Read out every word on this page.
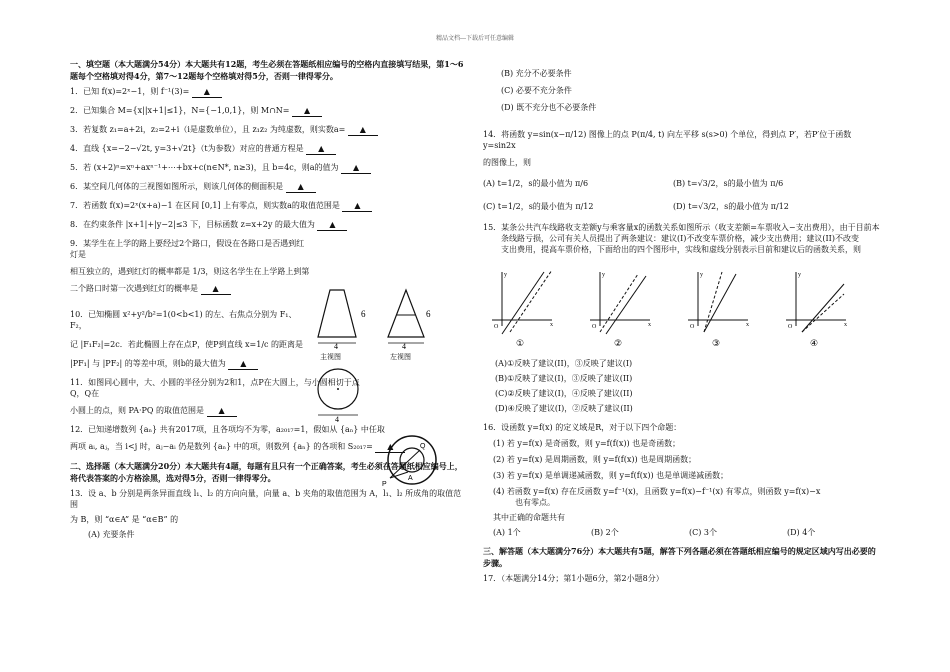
精品文档---下载后可任意编辑
一、填空题（本大题满分54分）本大题共有12题，考生必须在答题纸相应编号的空格内直接填写结果，第1～6题每个空格填对得4分，第7～12题每个空格填对得5分，否则一律得零分。
1．已知 f(x)=2ˣ−1，则 f⁻¹(3)= ▲
2．已知集合 M={x||x+1|≤1}，N={−1,0,1}，则 M∩N= ▲
3．若复数 z₁=a+2i，z₂=2+i（i是虚数单位），且 z₁z₂ 为纯虚数，则实数a= ▲
4．直线 {x=−2−√2t, y=3+√2t}（t为参数）对应的普通方程是 ▲
5．若 (x+2)ⁿ=xⁿ+axⁿ⁻¹+⋯+bx+c(n∈N*, n≥3)，且 b=4c，则a的值为 ▲
6．某空间几何体的三视图如图所示，则该几何体的侧面积是 ▲
7．若函数 f(x)=2ˣ(x+a)−1 在区间 [0,1] 上有零点，则实数a的取值范围是 ▲
8．在约束条件 |x+1|+|y−2|≤3 下，目标函数 z=x+2y 的最大值为 ▲
9．某学生在上学的路上要经过2个路口，假设在各路口是否遇到红灯是
相互独立的，遇到红灯的概率都是 1/3，则这名学生在上学路上到第
二个路口时第一次遇到红灯的概率是 ▲
10．已知椭圆 x²+y²/b²=1(0<b<1) 的左、右焦点分别为 F₁、F₂，
记 |F₁F₂|=2c．若此椭圆上存在点P，使P到直线 x=1/c 的距离是
|PF₁| 与 |PF₂| 的等差中项，则b的最大值为 ▲
11．如图同心圆中，大、小圆的半径分别为2和1，点P在大圆上，与小圆相切于点Q，Q在
小圆上的点，则 PA·PQ 的取值范围是 ▲
12．已知递增数列 {aₙ} 共有2017项，且各项均不为零，a₂₀₁₇=1，假如从 {aₙ} 中任取
两项 aᵢ, aⱼ，当 i<j 时，aⱼ−aᵢ 仍是数列 {aₙ} 中的项，则数列 {aₙ} 的各项和 S₂₀₁₇= ▲
二、选择题（本大题满分20分）本大题共有4题，每题有且只有一个正确答案，考生必须在答题纸相应编号上，将代表答案的小方格涂黑，选对得5分，否则一律得零分。
13．设 a、b 分别是两条异面直线 l₁、l₂ 的方向向量，向量 a、b 夹角的取值范围为 A，l₁、l₂ 所成角的取值范围
为 B，则 “α∈A” 是 “α∈B” 的
(A) 充要条件
6
4
主视图
6
4
左视图
4
P
Q
A
(B) 充分不必要条件
(C) 必要不充分条件
(D) 既不充分也不必要条件
14．将函数 y=sin(x−π/12) 图像上的点 P(π/4, t) 向左平移 s(s>0) 个单位，得到点 P′，若P′位于函数 y=sin2x
的图像上，则
(A) t=1/2，s的最小值为 π/6	(B) t=√3/2，s的最小值为 π/6
(C) t=1/2，s的最小值为 π/12	(D) t=√3/2，s的最小值为 π/12
15．某条公共汽车线路收支差额y与乘客量x的函数关系如图所示（收支差额=车票收入−支出费用），由于目前本
条线路亏损，公司有关人员提出了两条建议：建议(I)不改变车票价格，减少支出费用；建议(II)不改变
支出费用，提高车票价格，下面给出的四个图形中，实线和虚线分别表示目前和建议后的函数关系，则
(A)①反映了建议(II)，③反映了建议(I)
(B)①反映了建议(I)，③反映了建议(II)
(C)②反映了建议(I)，④反映了建议(II)
(D)④反映了建议(I)，②反映了建议(II)
16．设函数 y=f(x) 的定义域是R，对于以下四个命题：
(1) 若 y=f(x) 是奇函数，则 y=f(f(x)) 也是奇函数；
(2) 若 y=f(x) 是周期函数，则 y=f(f(x)) 也是周期函数；
(3) 若 y=f(x) 是单调递减函数，则 y=f(f(x)) 也是单调递减函数；
(4) 若函数 y=f(x) 存在反函数 y=f⁻¹(x)，且函数 y=f(x)−f⁻¹(x) 有零点，则函数 y=f(x)−x
也有零点。
其中正确的命题共有
(A) 1个	(B) 2个	(C) 3个	(D) 4个
三、解答题（本大题满分76分）本大题共有5题，解答下列各题必须在答题纸相应编号的规定区域内写出必要的步骤。
17．（本题满分14分；第1小题6分，第2小题8分）
y
x
O
①
y
x
O
②
y
x
O
③
y
x
O
④
